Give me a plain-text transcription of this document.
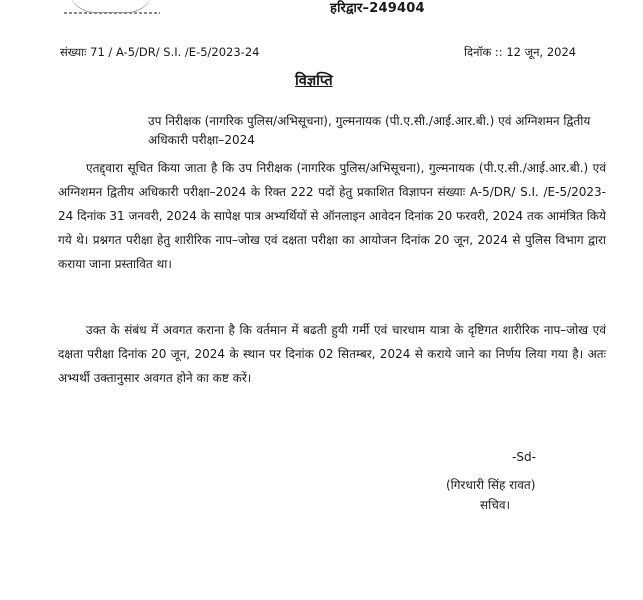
हरिद्वार–249404
संख्याः 71 / A-5/DR/ S.I. /E-5/2023-24	दिनॉक :: 12 जून, 2024
विज्ञप्ति
उप निरीक्षक (नागरिक पुलिस/अभिसूचना), गुल्मनायक (पी.ए.सी./आई.आर.बी.) एवं अग्निशमन द्वितीय अधिकारी परीक्षा–2024
एतद्द्वारा सूचित किया जाता है कि उप निरीक्षक (नागरिक पुलिस/अभिसूचना), गुल्मनायक (पी.ए.सी./आई.आर.बी.) एवं अग्निशमन द्वितीय अधिकारी परीक्षा–2024 के रिक्त 222 पदों हेतु प्रकाशित विज्ञापन संख्याः A-5/DR/ S.I. /E-5/2023-24 दिनांक 31 जनवरी, 2024 के सापेक्ष पात्र अभ्यर्थियों से ऑनलाइन आवेदन दिनांक 20 फरवरी, 2024 तक आमंत्रित किये गये थे। प्रश्नगत परीक्षा हेतु शारीरिक नाप–जोख एवं दक्षता परीक्षा का आयोजन दिनांक 20 जून, 2024 से पुलिस विभाग द्वारा कराया जाना प्रस्तावित था।
उक्त के संबंध में अवगत कराना है कि वर्तमान में बढती हुयी गर्मी एवं चारधाम यात्रा के दृष्टिगत शारीरिक नाप–जोख एवं दक्षता परीक्षा दिनांक 20 जून, 2024 के स्थान पर दिनांक 02 सितम्बर, 2024 से कराये जाने का निर्णय लिया गया है। अतः अभ्यर्थी उक्तानुसार अवगत होने का कष्ट करें।
-Sd-
(गिरधारी सिंह रावत)
सचिव।
